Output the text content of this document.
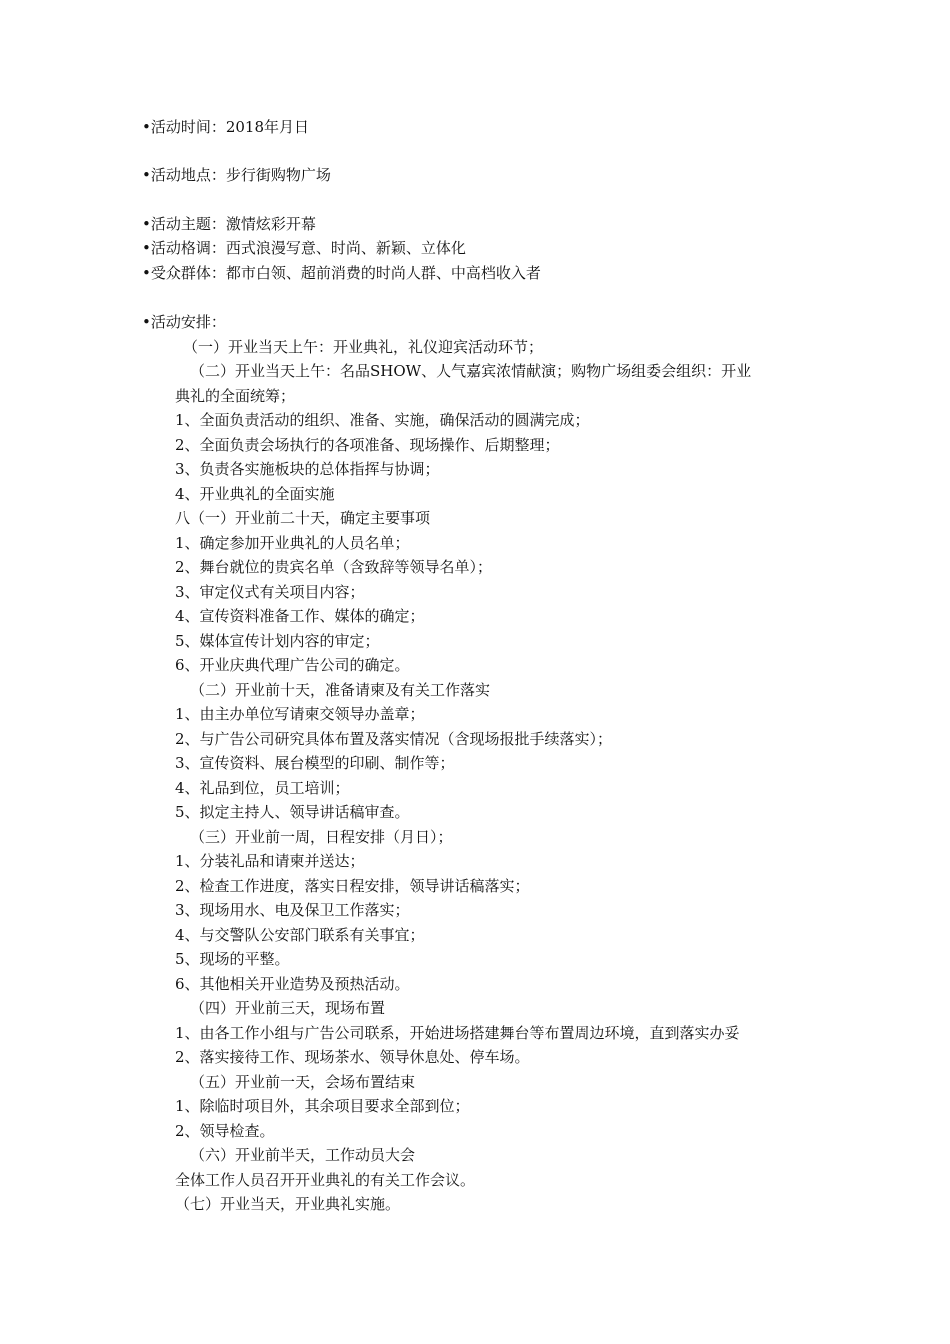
•活动时间：2018年月日
•活动地点：步行街购物广场
•活动主题：激情炫彩开幕
•活动格调：西式浪漫写意、时尚、新颖、立体化
•受众群体：都市白领、超前消费的时尚人群、中高档收入者
•活动安排：
（一）开业当天上午：开业典礼，礼仪迎宾活动环节；
（二）开业当天上午：名品SHOW、人气嘉宾浓情献演；购物广场组委会组织：开业
典礼的全面统筹；
1、全面负责活动的组织、准备、实施，确保活动的圆满完成；
2、全面负责会场执行的各项准备、现场操作、后期整理；
3、负责各实施板块的总体指挥与协调；
4、开业典礼的全面实施
八（一）开业前二十天，确定主要事项
1、确定参加开业典礼的人员名单；
2、舞台就位的贵宾名单（含致辞等领导名单）；
3、审定仪式有关项目内容；
4、宣传资料准备工作、媒体的确定；
5、媒体宣传计划内容的审定；
6、开业庆典代理广告公司的确定。
（二）开业前十天，准备请柬及有关工作落实
1、由主办单位写请柬交领导办盖章；
2、与广告公司研究具体布置及落实情况（含现场报批手续落实）；
3、宣传资料、展台模型的印刷、制作等；
4、礼品到位，员工培训；
5、拟定主持人、领导讲话稿审查。
（三）开业前一周，日程安排（月日）；
1、分装礼品和请柬并送达；
2、检查工作进度，落实日程安排，领导讲话稿落实；
3、现场用水、电及保卫工作落实；
4、与交警队公安部门联系有关事宜；
5、现场的平整。
6、其他相关开业造势及预热活动。
（四）开业前三天，现场布置
1、由各工作小组与广告公司联系，开始进场搭建舞台等布置周边环境，直到落实办妥
2、落实接待工作、现场茶水、领导休息处、停车场。
（五）开业前一天，会场布置结束
1、除临时项目外，其余项目要求全部到位；
2、领导检查。
（六）开业前半天，工作动员大会
全体工作人员召开开业典礼的有关工作会议。
（七）开业当天，开业典礼实施。
